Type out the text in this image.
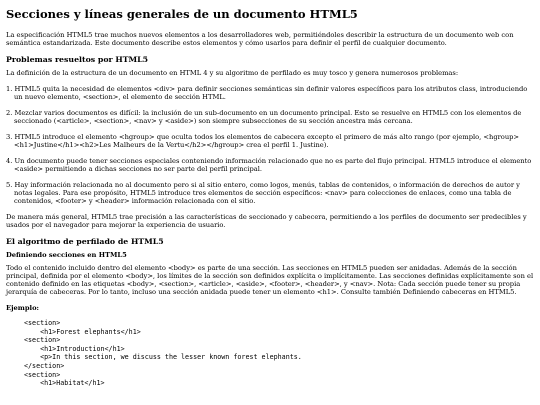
Secciones y líneas generales de un documento HTML5

La especificación HTML5 trae muchos nuevos elementos a los desarrolladores web, permitiéndoles describir la estructura de un documento web con semántica estandarizada. Este documento describe estos elementos y cómo usarlos para definir el perfil de cualquier documento.

Problemas resueltos por HTML5

La definición de la estructura de un documento en HTML 4 y su algoritmo de perfilado es muy tosco y genera numerosos problemas:

1. HTML5 quita la necesidad de elementos <div> para definir secciones semánticas sin definir valores específicos para los atributos class, introduciendo un nuevo elemento, <section>, el elemento de sección HTML.
2. Mezclar varios documentos es difícil: la inclusión de un sub-documento en un documento principal. Esto se resuelve en HTML5 con los elementos de seccionado (<article>, <section>, <nav> y <aside>) son siempre subsecciones de su sección ancestra más cercana.
3. HTML5 introduce el elemento <hgroup> que oculta todos los elementos de cabecera excepto el primero de más alto rango (por ejemplo, <hgroup><h1>Justine</h1><h2>Les Malheurs de la Vertu</h2></hgroup> crea el perfil 1. Justine).
4. Un documento puede tener secciones especiales conteniendo información relacionado que no es parte del flujo principal. HTML5 introduce el elemento <aside> permitiendo a dichas secciones no ser parte del perfil principal.
5. Hay información relacionada no al documento pero si al sitio entero, como logos, menús, tablas de contenidos, o información de derechos de autor y notas legales. Para ese propósito, HTML5 introduce tres elementos de sección específicos: <nav> para colecciones de enlaces, como una tabla de contenidos, <footer> y <header> información relacionada con el sitio.

De manera más general, HTML5 trae precisión a las características de seccionado y cabecera, permitiendo a los perfiles de documento ser predecibles y usados por el navegador para mejorar la experiencia de usuario.

El algoritmo de perfilado de HTML5
Definiendo secciones en HTML5

Todo el contenido incluido dentro del elemento <body> es parte de una sección. Las secciones en HTML5 pueden ser anidadas. Además de la sección principal, definida por el elemento <body>, los límites de la sección son definidos explícita o implícitamente. Las secciones definidas explícitamente son el contenido definido en las etiquetas <body>, <section>, <article>, <aside>, <footer>, <header>, y <nav>. Nota: Cada sección puede tener su propia jerarquía de cabeceras. Por lo tanto, incluso una sección anidada puede tener un elemento <h1>. Consulte también Definiendo cabeceras en HTML5.

Ejemplo:
<section>
<h1>Forest elephants</h1>
<section>
<h1>Introduction</h1>
<p>In this section, we discuss the lesser known forest elephants.
</section>
<section>
<h1>Habitat</h1>
